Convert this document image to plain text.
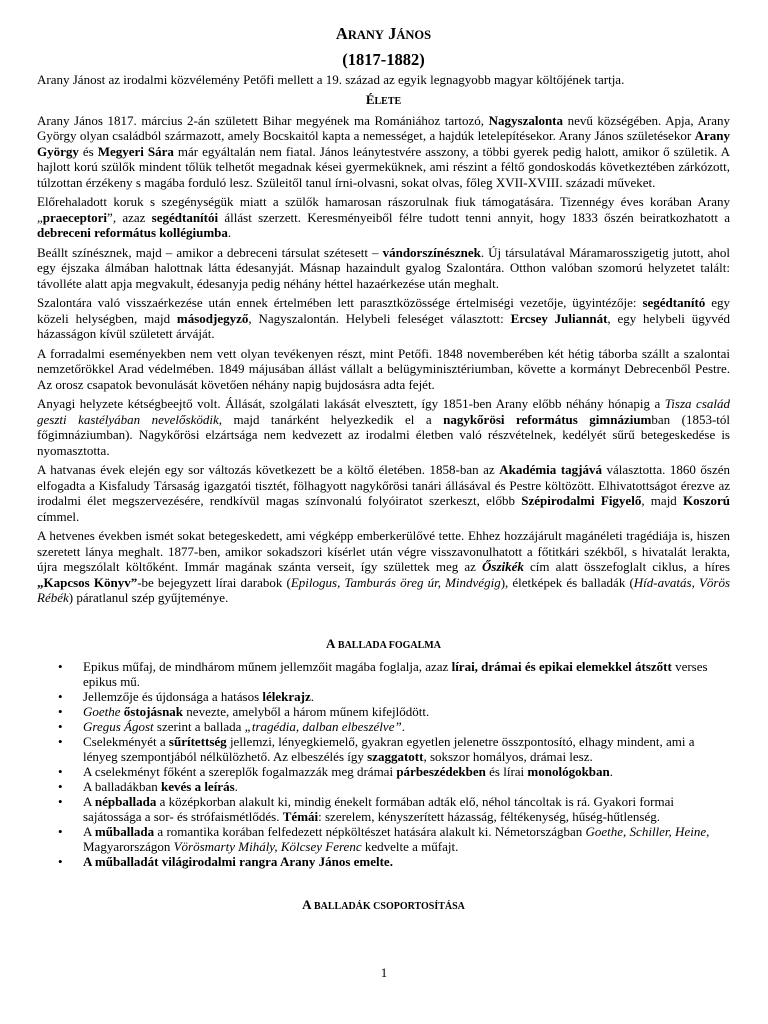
ARANY JÁNOS
(1817-1882)

Arany Jánost az irodalmi közvélemény Petőfi mellett a 19. század az egyik legnagyobb magyar költőjének tartja.

ÉLETE

Arany János 1817. március 2-án született Bihar megyének ma Romániához tartozó, Nagyszalonta nevű községében. Apja, Arany György olyan családból származott, amely Bocskaitól kapta a nemességet, a hajdúk letelepítésekor. Arany János születésekor Arany György és Megyeri Sára már egyáltalán nem fiatal. János leánytestvére asszony, a többi gyerek pedig halott, amikor ő születik. A hajlott korú szülők mindent tőlük telhetőt megadnak kései gyermeküknek, ami részint a féltő gondoskodás következtében zárkózott, túlzottan érzékeny s magába forduló lesz. Szüleitől tanul írni-olvasni, sokat olvas, főleg XVII-XVIII. századi műveket.

Előrehaladott koruk s szegénységük miatt a szülők hamarosan rászorulnak fiuk támogatására. Tizennégy éves korában Arany „praeceptori”, azaz segédtanítói állást szerzett. Keresményeiből félre tudott tenni annyit, hogy 1833 őszén beiratkozhatott a debreceni református kollégiumba.

Beállt színésznek, majd – amikor a debreceni társulat szétesett – vándorszínésznek. Új társulatával Máramarosszigetig jutott, ahol egy éjszaka álmában halottnak látta édesanyját. Másnap hazaindult gyalog Szalontára. Otthon valóban szomorú helyzetet talált: távolléte alatt apja megvakult, édesanyja pedig néhány héttel hazaérkezése után meghalt.

Szalontára való visszaérkezése után ennek értelmében lett parasztközössége értelmiségi vezetője, ügyintézője: segédtanító egy közeli helységben, majd másodjegyző, Nagyszalontán. Helybeli feleséget választott: Ercsey Juliannát, egy helybeli ügyvéd házasságon kívül született árváját.

A forradalmi eseményekben nem vett olyan tevékenyen részt, mint Petőfi. 1848 novemberében két hétig táborba szállt a szalontai nemzetőrökkel Arad védelmében. 1849 májusában állást vállalt a belügyminisztériumban, követte a kormányt Debrecenből Pestre. Az orosz csapatok bevonulását követően néhány napig bujdosásra adta fejét.

Anyagi helyzete kétségbeejtő volt. Állását, szolgálati lakását elvesztett, így 1851-ben Arany előbb néhány hónapig a Tisza család geszti kastélyában nevelősködik, majd tanárként helyezkedik el a nagykőrösi református gimnáziumban (1853-tól főgimnáziumban). Nagykőrösi elzártsága nem kedvezett az irodalmi életben való részvételnek, kedélyét sűrű betegeskedése is nyomasztotta.

A hatvanas évek elején egy sor változás következett be a költő életében. 1858-ban az Akadémia tagjává választotta. 1860 őszén elfogadta a Kisfaludy Társaság igazgatói tisztét, fölhagyott nagykőrösi tanári állásával és Pestre költözött. Elhivatottságot érezve az irodalmi élet megszervezésére, rendkívül magas színvonalú folyóiratot szerkeszt, előbb Szépirodalmi Figyelő, majd Koszorú címmel.

A hetvenes években ismét sokat betegeskedett, ami végképp emberkerülővé tette. Ehhez hozzájárult magánéleti tragédiája is, hiszen szeretett lánya meghalt. 1877-ben, amikor sokadszori kísérlet után végre visszavonulhatott a főtitkári székből, s hivatalát lerakta, újra megszólalt költőként. Immár magának szánta verseit, így születtek meg az Őszikék cím alatt összefoglalt ciklus, a híres „Kapcsos Könyv”-be bejegyzett lírai darabok (Epilogus, Tamburás öreg úr, Mindvégig), életképek és balladák (Híd-avatás, Vörös Rébék) páratlanul szép gyűjteménye.

A BALLADA FOGALMA
• Epikus műfaj, de mindhárom műnem jellemzőit magába foglalja, azaz lírai, drámai és epikai elemekkel átszőtt verses epikus mű.
• Jellemzője és újdonsága a hatásos lélekrajz.
• Goethe őstojásnak nevezte, amelyből a három műnem kifejlődött.
• Gregus Ágost szerint a ballada „tragédia, dalban elbeszélve”.
• Cselekményét a sűrítettség jellemzi, lényegkiemelő, gyakran egyetlen jelenetre összpontosító, elhagy mindent, ami a lényeg szempontjából nélkülözhető. Az elbeszélés így szaggatott, sokszor homályos, drámai lesz.
• A cselekményt főként a szereplők fogalmazzák meg drámai párbeszédekben és lírai monológokban.
• A balladákban kevés a leírás.
• A népballada a középkorban alakult ki, mindig énekelt formában adták elő, néhol táncoltak is rá. Gyakori formai sajátossága a sor- és strófaismétlődés. Témái: szerelem, kényszerített házasság, féltékenység, hűség-hűtlenség.
• A műballada a romantika korában felfedezett népköltészet hatására alakult ki. Németországban Goethe, Schiller, Heine, Magyarországon Vörösmarty Mihály, Kölcsey Ferenc kedvelte a műfajt.
• A műballadát világirodalmi rangra Arany János emelte.
A BALLADÁK CSOPORTOSÍTÁSA
1
